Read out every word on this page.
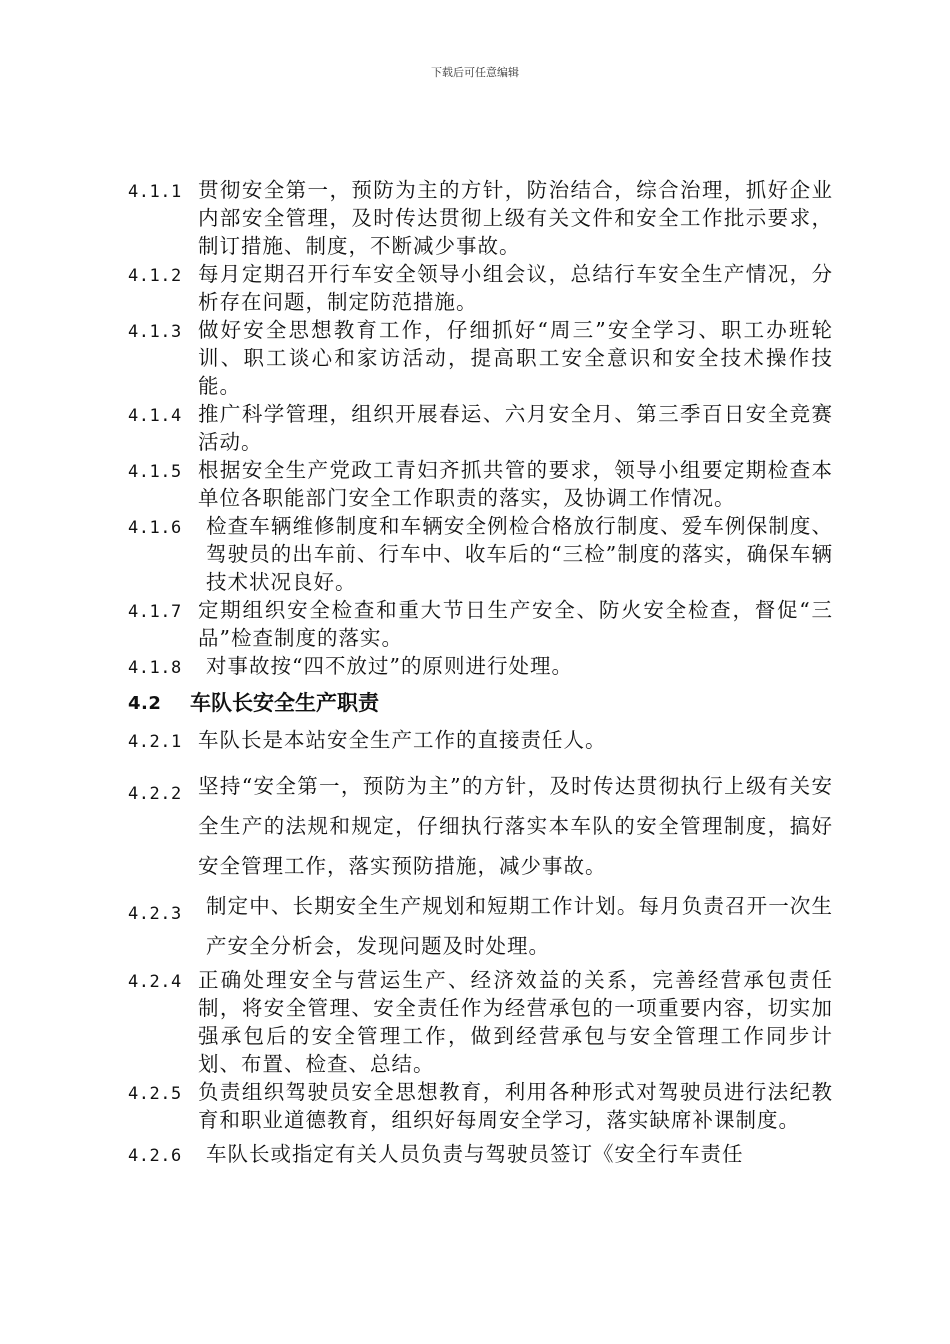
下载后可任意编辑
4.1.1 贯彻安全第一，预防为主的方针，防治结合，综合治理，抓好企业内部安全管理，及时传达贯彻上级有关文件和安全工作批示要求，制订措施、制度，不断减少事故。
4.1.2 每月定期召开行车安全领导小组会议，总结行车安全生产情况，分析存在问题，制定防范措施。
4.1.3 做好安全思想教育工作，仔细抓好“周三”安全学习、职工办班轮训、职工谈心和家访活动，提高职工安全意识和安全技术操作技能。
4.1.4 推广科学管理，组织开展春运、六月安全月、第三季百日安全竞赛活动。
4.1.5 根据安全生产党政工青妇齐抓共管的要求，领导小组要定期检查本单位各职能部门安全工作职责的落实，及协调工作情况。
4.1.6	检查车辆维修制度和车辆安全例检合格放行制度、爱车例保制度、驾驶员的出车前、行车中、收车后的“三检”制度的落实，确保车辆技术状况良好。
4.1.7 定期组织安全检查和重大节日生产安全、防火安全检查，督促“三品”检查制度的落实。
4.1.8	对事故按“四不放过”的原则进行处理。
4.2	车队长安全生产职责
4.2.1 车队长是本站安全生产工作的直接责任人。
4.2.2 坚持“安全第一，预防为主”的方针，及时传达贯彻执行上级有关安全生产的法规和规定，仔细执行落实本车队的安全管理制度，搞好安全管理工作，落实预防措施，减少事故。
4.2.3	制定中、长期安全生产规划和短期工作计划。每月负责召开一次生产安全分析会，发现问题及时处理。
4.2.4 正确处理安全与营运生产、经济效益的关系，完善经营承包责任制，将安全管理、安全责任作为经营承包的一项重要内容，切实加强承包后的安全管理工作，做到经营承包与安全管理工作同步计划、布置、检查、总结。
4.2.5 负责组织驾驶员安全思想教育，利用各种形式对驾驶员进行法纪教育和职业道德教育，组织好每周安全学习，落实缺席补课制度。
4.2.6	车队长或指定有关人员负责与驾驶员签订《安全行车责任
